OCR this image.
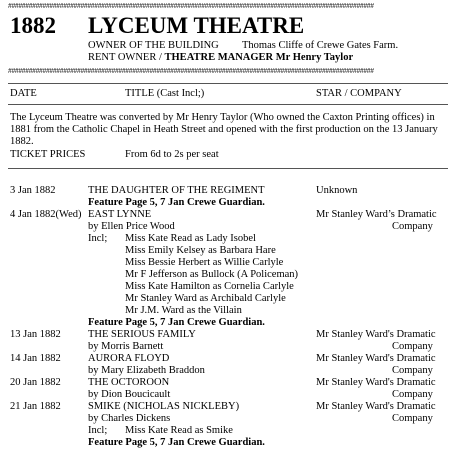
##########################################################################################################
1882 LYCEUM THEATRE
OWNER OF THE BUILDING Thomas Cliffe of Crewe Gates Farm.
RENT OWNER / THEATRE MANAGER Mr Henry Taylor
##########################################################################################################
DATE	TITLE (Cast Incl;)	STAR / COMPANY
The Lyceum Theatre was converted by Mr Henry Taylor (Who owned the Caxton Printing offices) in
1881 from the Catholic Chapel in Heath Street and opened with the first production on the 13 January
1882.
TICKET PRICES	From 6d to 2s per seat
3 Jan 1882	THE DAUGHTER OF THE REGIMENT	Unknown
Feature Page 5, 7 Jan Crewe Guardian.
4 Jan 1882(Wed) EAST LYNNE	Mr Stanley Ward’s Dramatic
Company
by Ellen Price Wood
Incl; Miss Kate Read as Lady Isobel
Miss Emily Kelsey as Barbara Hare
Miss Bessie Herbert as Willie Carlyle
Mr F Jefferson as Bullock (A Policeman)
Miss Kate Hamilton as Cornelia Carlyle
Mr Stanley Ward as Archibald Carlyle
Mr J.M. Ward as the Villain
Feature Page 5, 7 Jan Crewe Guardian.
13 Jan 1882	THE SERIOUS FAMILY	Mr Stanley Ward's Dramatic
by Morris Barnett	Company
14 Jan 1882	AURORA FLOYD	Mr Stanley Ward's Dramatic
by Mary Elizabeth Braddon	Company
20 Jan 1882	THE OCTOROON	Mr Stanley Ward's Dramatic
by Dion Boucicault	Company
21 Jan 1882	SMIKE (NICHOLAS NICKLEBY)	Mr Stanley Ward's Dramatic
by Charles Dickens	Company
Incl; Miss Kate Read as Smike
Feature Page 5, 7 Jan Crewe Guardian.
